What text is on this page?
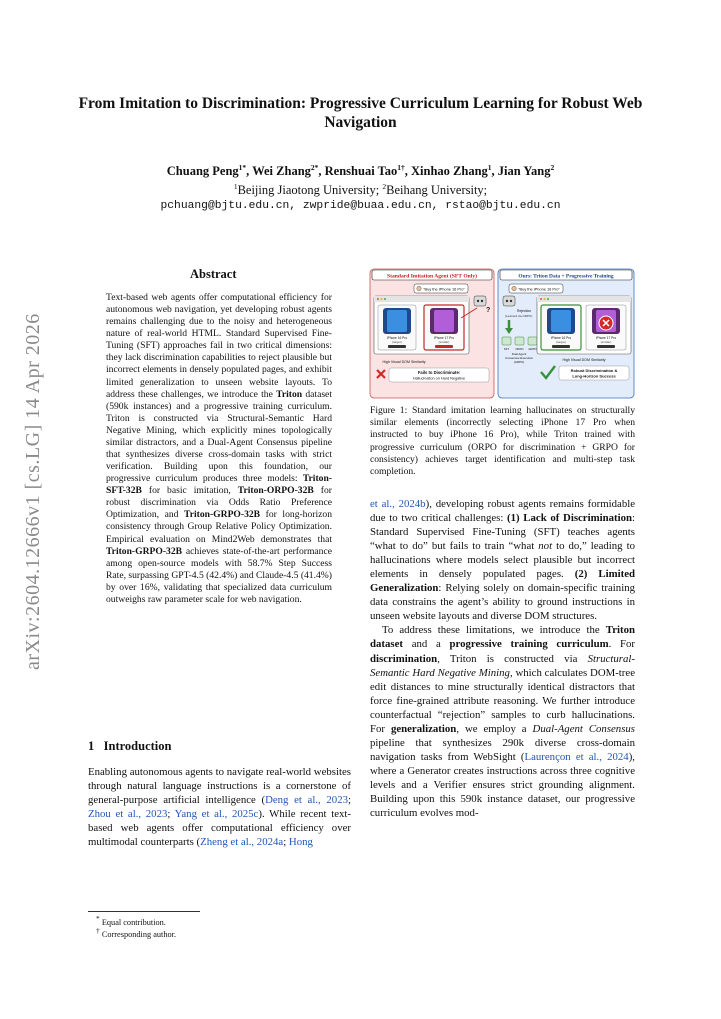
From Imitation to Discrimination: Progressive Curriculum Learning for Robust Web Navigation
Chuang Peng$^{1*}$, Wei Zhang$^{2*}$, Renshuai Tao$^{1\dagger}$, Xinhao Zhang$^1$, Jian Yang$^2$
$^1$Beijing Jiaotong University; $^2$Beihang University;
pchuang@bjtu.edu.cn, zwpride@buaa.edu.cn, rstao@bjtu.edu.cn
arXiv:2604.12666v1 [cs.LG] 14 Apr 2026
Abstract
Text-based web agents offer computational efficiency for autonomous web navigation, yet developing robust agents remains challenging due to the noisy and heterogeneous nature of real-world HTML. Standard Supervised Fine-Tuning (SFT) approaches fail in two critical dimensions: they lack discrimination capabilities to reject plausible but incorrect elements in densely populated pages, and exhibit limited generalization to unseen website layouts. To address these challenges, we introduce the Triton dataset (590k instances) and a progressive training curriculum. Triton is constructed via Structural-Semantic Hard Negative Mining, which explicitly mines topologically similar distractors, and a Dual-Agent Consensus pipeline that synthesizes diverse cross-domain tasks with strict verification. Building upon this foundation, our progressive curriculum produces three models: Triton-SFT-32B for basic imitation, Triton-ORPO-32B for robust discrimination via Odds Ratio Preference Optimization, and Triton-GRPO-32B for long-horizon consistency through Group Relative Policy Optimization. Empirical evaluation on Mind2Web demonstrates that Triton-GRPO-32B achieves state-of-the-art performance among open-source models with 58.7% Step Success Rate, surpassing GPT-4.5 (42.4%) and Claude-4.5 (41.4%) by over 16%, validating that specialized data curriculum outweighs raw parameter scale for web navigation.
1 Introduction
Enabling autonomous agents to navigate real-world websites through natural language instructions is a cornerstone of general-purpose artificial intelligence (Deng et al., 2023; Zhou et al., 2023; Yang et al., 2025c). While recent text-based web agents offer computational efficiency over multimodal counterparts (Zheng et al., 2024a; Hong
* Equal contribution.
† Corresponding author.
Standard Imitation Agent (SFT Only)
"Buy the iPhone 16 Pro"
?
iPhone 16 Pro
(target)
iPhone 17 Pro
(similar)
High Visual DOM Similarity
Fails to Discriminate:
Hallucination on Hard Negative
Ours: Triton Data + Progressive Training
"Buy the iPhone 16 Pro"
Rejection
(Learned via ORPO)
SFT ORPO GRPO
Dual-Agent
Consensus Execution
(GRPO)
iPhone 16 Pro
(target)
iPhone 17 Pro
(similar)
High Visual DOM Similarity
Robust Discrimination &
Long-Horizon Success
Figure 1: Standard imitation learning hallucinates on structurally similar elements (incorrectly selecting iPhone 17 Pro when instructed to buy iPhone 16 Pro), while Triton trained with progressive curriculum (ORPO for discrimination + GRPO for consistency) achieves target identification and multi-step task completion.

et al., 2024b), developing robust agents remains formidable due to two critical challenges: (1) Lack of Discrimination: Standard Supervised Fine-Tuning (SFT) teaches agents “what to do” but fails to train “what not to do,” leading to hallucinations where models select plausible but incorrect elements in densely populated pages. (2) Limited Generalization: Relying solely on domain-specific training data constrains the agent’s ability to ground instructions in unseen website layouts and diverse DOM structures.

To address these limitations, we introduce the Triton dataset and a progressive training curriculum. For discrimination, Triton is constructed via Structural-Semantic Hard Negative Mining, which calculates DOM-tree edit distances to mine structurally identical distractors that force fine-grained attribute reasoning. We further introduce counterfactual “rejection” samples to curb hallucinations. For generalization, we employ a Dual-Agent Consensus pipeline that synthesizes 290k diverse cross-domain navigation tasks from WebSight (Laurençon et al., 2024), where a Generator creates instructions across three cognitive levels and a Verifier ensures strict grounding alignment. Building upon this 590k instance dataset, our progressive curriculum evolves mod-
